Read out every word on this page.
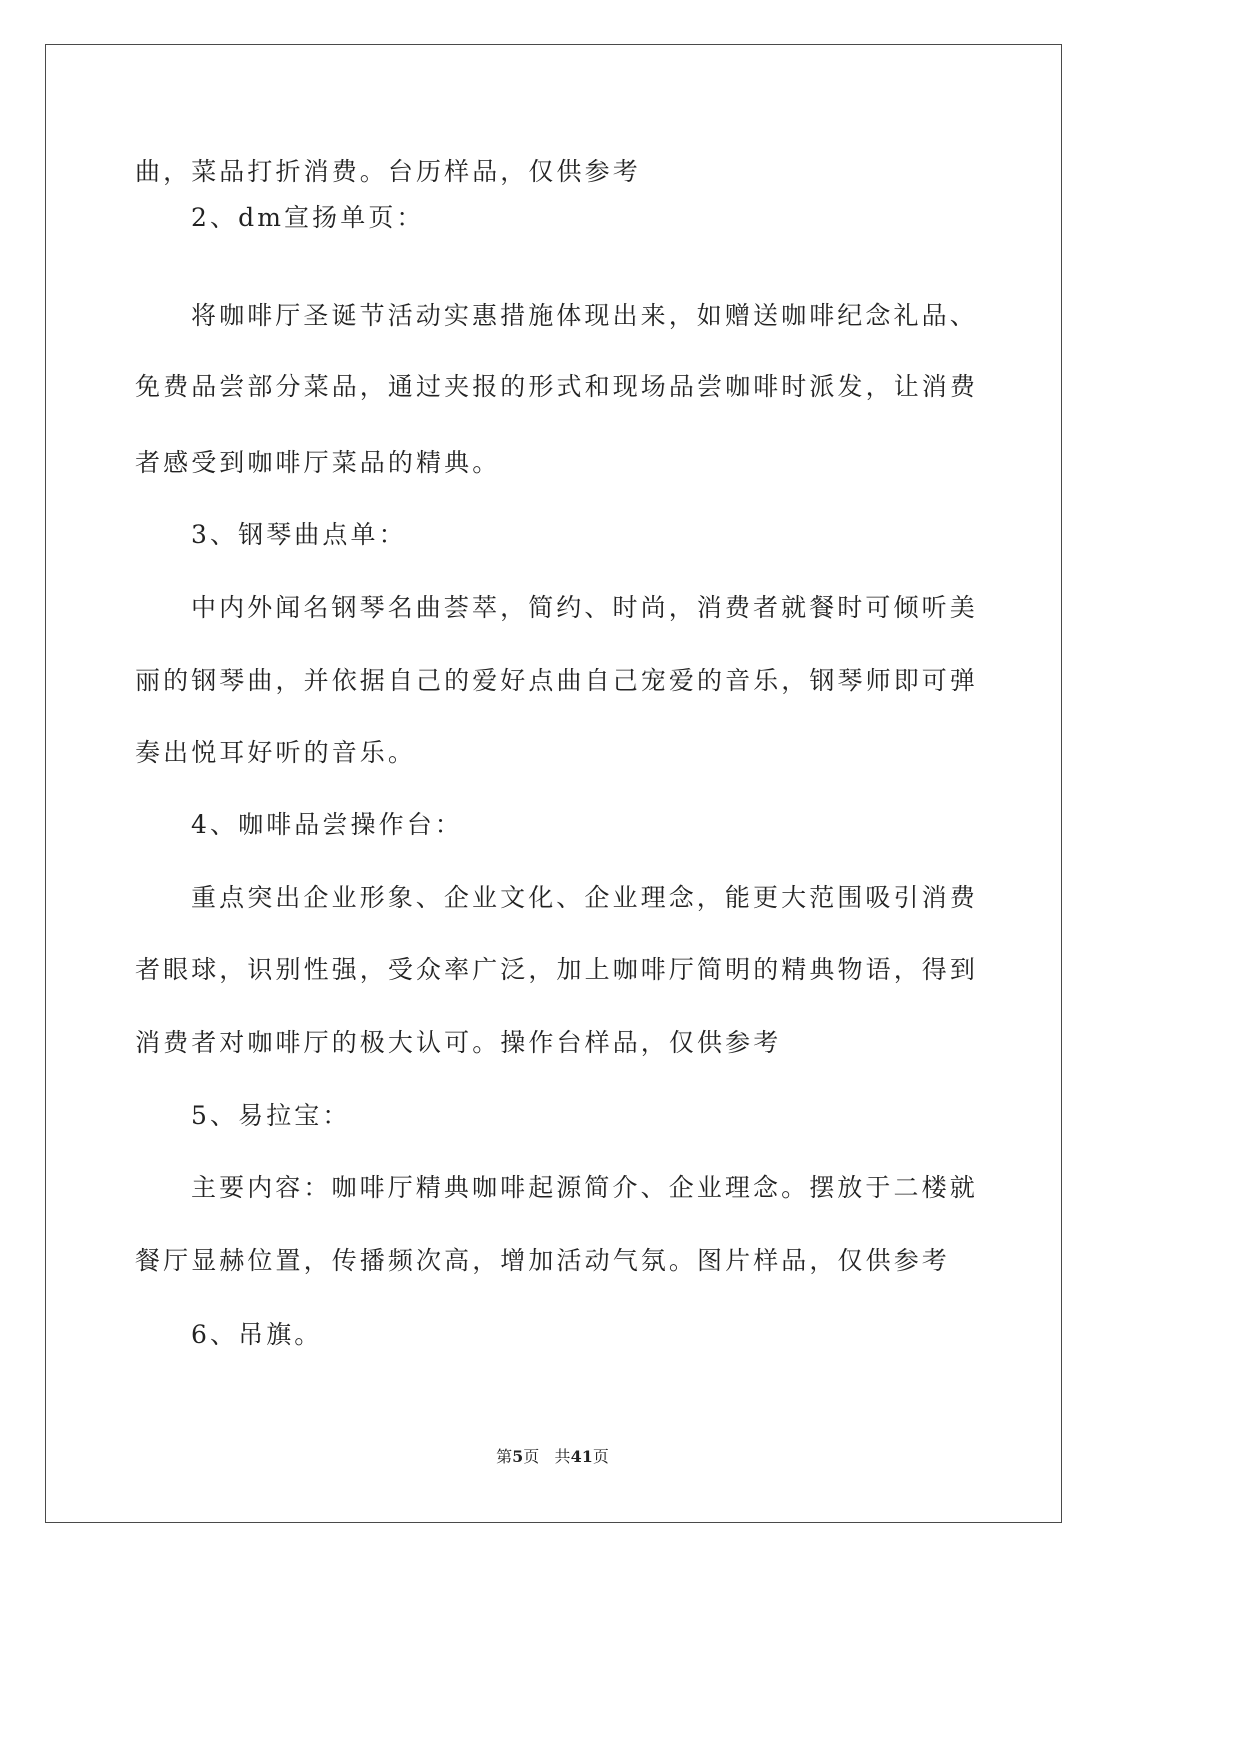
曲，菜品打折消费。台历样品，仅供参考

2、dm宣扬单页：

将咖啡厅圣诞节活动实惠措施体现出来，如赠送咖啡纪念礼品、

免费品尝部分菜品，通过夹报的形式和现场品尝咖啡时派发，让消费

者感受到咖啡厅菜品的精典。

3、钢琴曲点单：

中内外闻名钢琴名曲荟萃，简约、时尚，消费者就餐时可倾听美

丽的钢琴曲，并依据自己的爱好点曲自己宠爱的音乐，钢琴师即可弹

奏出悦耳好听的音乐。

4、咖啡品尝操作台：

重点突出企业形象、企业文化、企业理念，能更大范围吸引消费

者眼球，识别性强，受众率广泛，加上咖啡厅简明的精典物语，得到

消费者对咖啡厅的极大认可。操作台样品，仅供参考

5、易拉宝：

主要内容：咖啡厅精典咖啡起源简介、企业理念。摆放于二楼就

餐厅显赫位置，传播频次高，增加活动气氛。图片样品，仅供参考

6、吊旗。

第5页   共41页
